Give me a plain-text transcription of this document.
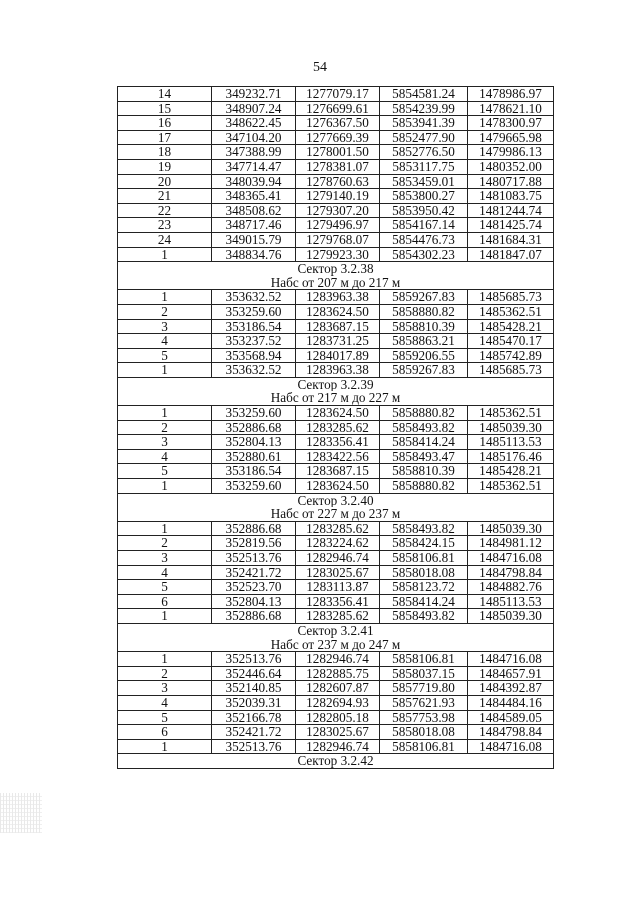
54
14	349232.71	1277079.17	5854581.24	1478986.97
15	348907.24	1276699.61	5854239.99	1478621.10
16	348622.45	1276367.50	5853941.39	1478300.97
17	347104.20	1277669.39	5852477.90	1479665.98
18	347388.99	1278001.50	5852776.50	1479986.13
19	347714.47	1278381.07	5853117.75	1480352.00
20	348039.94	1278760.63	5853459.01	1480717.88
21	348365.41	1279140.19	5853800.27	1481083.75
22	348508.62	1279307.20	5853950.42	1481244.74
23	348717.46	1279496.97	5854167.14	1481425.74
24	349015.79	1279768.07	5854476.73	1481684.31
1	348834.76	1279923.30	5854302.23	1481847.07
Сектор 3.2.38				
Набс от 207 м до 217 м				
1	353632.52	1283963.38	5859267.83	1485685.73
2	353259.60	1283624.50	5858880.82	1485362.51
3	353186.54	1283687.15	5858810.39	1485428.21
4	353237.52	1283731.25	5858863.21	1485470.17
5	353568.94	1284017.89	5859206.55	1485742.89
1	353632.52	1283963.38	5859267.83	1485685.73
Сектор 3.2.39				
Набс от 217 м до 227 м				
1	353259.60	1283624.50	5858880.82	1485362.51
2	352886.68	1283285.62	5858493.82	1485039.30
3	352804.13	1283356.41	5858414.24	1485113.53
4	352880.61	1283422.56	5858493.47	1485176.46
5	353186.54	1283687.15	5858810.39	1485428.21
1	353259.60	1283624.50	5858880.82	1485362.51
Сектор 3.2.40				
Набс от 227 м до 237 м				
1	352886.68	1283285.62	5858493.82	1485039.30
2	352819.56	1283224.62	5858424.15	1484981.12
3	352513.76	1282946.74	5858106.81	1484716.08
4	352421.72	1283025.67	5858018.08	1484798.84
5	352523.70	1283113.87	5858123.72	1484882.76
6	352804.13	1283356.41	5858414.24	1485113.53
1	352886.68	1283285.62	5858493.82	1485039.30
Сектор 3.2.41				
Набс от 237 м до 247 м				
1	352513.76	1282946.74	5858106.81	1484716.08
2	352446.64	1282885.75	5858037.15	1484657.91
3	352140.85	1282607.87	5857719.80	1484392.87
4	352039.31	1282694.93	5857621.93	1484484.16
5	352166.78	1282805.18	5857753.98	1484589.05
6	352421.72	1283025.67	5858018.08	1484798.84
1	352513.76	1282946.74	5858106.81	1484716.08
Сектор 3.2.42				
